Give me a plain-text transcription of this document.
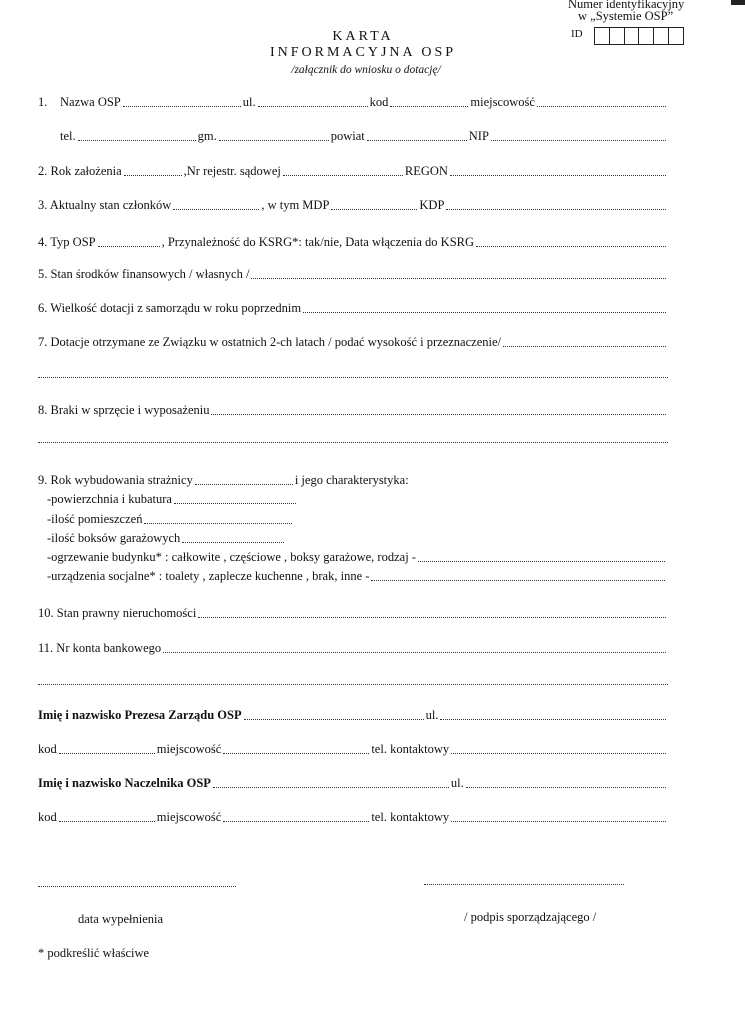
Numer identyfikacyjny
w „Systemie OSP”
ID
KARTA
INFORMACYJNA OSP
/załącznik do wniosku o dotację/
1.	Nazwa OSP	ul.	kod	miejscowość
tel.	gm.	powiat	NIP
2. Rok założenia	,Nr rejestr. sądowej	REGON
3. Aktualny stan członków	, w tym MDP	KDP
4. Typ OSP	, Przynależność do KSRG*: tak/nie, Data włączenia do KSRG
5. Stan środków finansowych / własnych /
6. Wielkość dotacji z samorządu w roku poprzednim
7. Dotacje otrzymane ze Związku w ostatnich 2-ch latach / podać wysokość i przeznaczenie/
8. Braki w sprzęcie i wyposażeniu
9. Rok wybudowania strażnicy	i jego charakterystyka:
-powierzchnia i kubatura
-ilość pomieszczeń
-ilość boksów garażowych
-ogrzewanie budynku* : całkowite , częściowe , boksy garażowe, rodzaj -
-urządzenia socjalne* : toalety , zaplecze kuchenne , brak, inne -
10. Stan prawny nieruchomości
11. Nr konta bankowego
Imię i nazwisko Prezesa Zarządu OSP	ul.
kod	miejscowość	tel. kontaktowy
Imię i nazwisko Naczelnika OSP	ul.
kod	miejscowość	tel. kontaktowy
data wypełnienia	/ podpis sporządzającego /
* podkreślić właściwe
